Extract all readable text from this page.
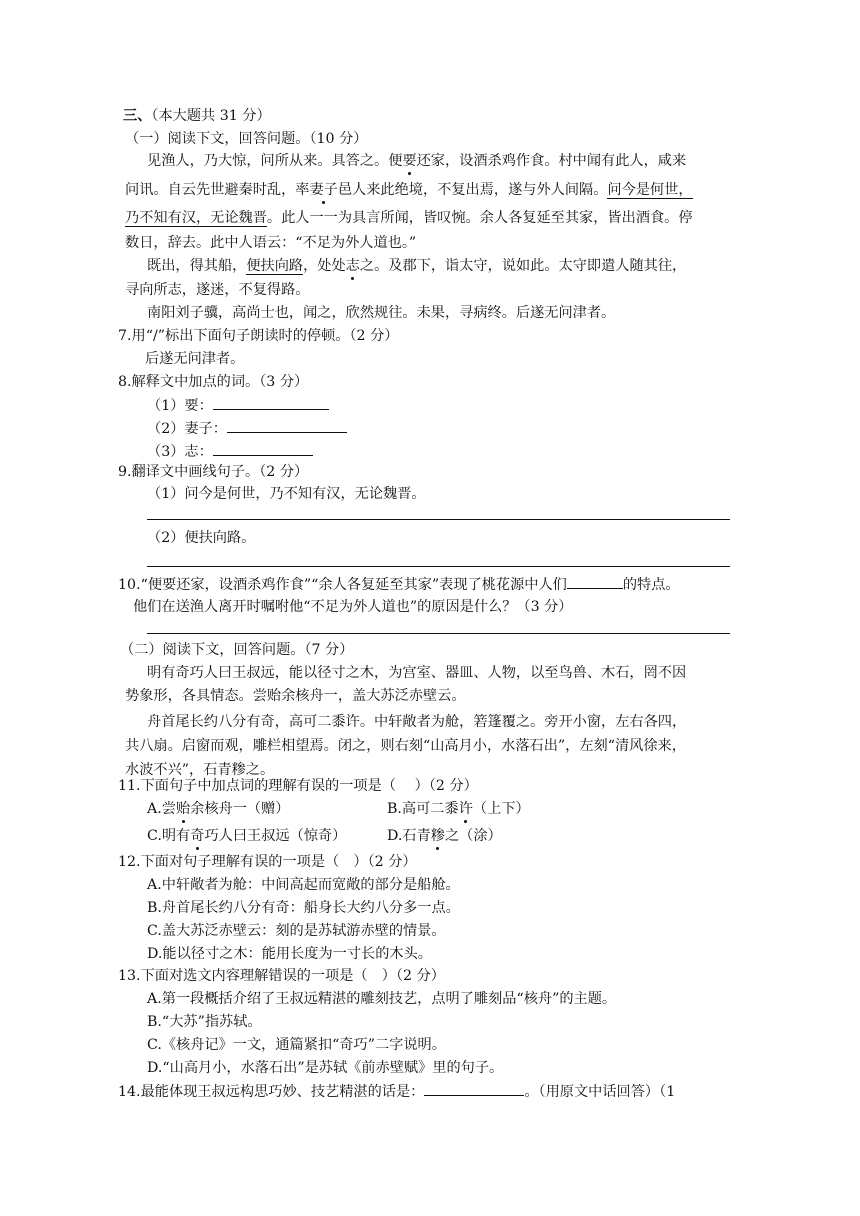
三、（本大题共 31 分）
（一）阅读下文，回答问题。（10 分）
见渔人，乃大惊，问所从来。具答之。便要还家，设酒杀鸡作食。村中闻有此人，咸来
问讯。自云先世避秦时乱，率妻子邑人来此绝境，不复出焉，遂与外人间隔。问今是何世，
乃不知有汉，无论魏晋。此人一一为具言所闻，皆叹惋。余人各复延至其家，皆出酒食。停
数日，辞去。此中人语云：“不足为外人道也。”
既出，得其船，便扶向路，处处志之。及郡下，诣太守，说如此。太守即遣人随其往，
寻向所志，遂迷，不复得路。
南阳刘子骥，高尚士也，闻之，欣然规往。未果，寻病终。后遂无问津者。
7.用“/”标出下面句子朗读时的停顿。（2 分）
后遂无问津者。
8.解释文中加点的词。（3 分）
（1）要：
（2）妻子：
（3）志：
9.翻译文中画线句子。（2 分）
（1）问今是何世，乃不知有汉，无论魏晋。
（2）便扶向路。
10.“便要还家，设酒杀鸡作食”“余人各复延至其家”表现了桃花源中人们	的特点。
他们在送渔人离开时嘱咐他“不足为外人道也”的原因是什么？（3 分）
（二）阅读下文，回答问题。（7 分）
明有奇巧人曰王叔远，能以径寸之木，为宫室、器皿、人物，以至鸟兽、木石，罔不因
势象形，各具情态。尝贻余核舟一，盖大苏泛赤壁云。
舟首尾长约八分有奇，高可二黍许。中轩敞者为舱，箬篷覆之。旁开小窗，左右各四，
共八扇。启窗而观，雕栏相望焉。闭之，则右刻“山高月小，水落石出”，左刻“清风徐来，
水波不兴”，石青糁之。
11.下面句子中加点词的理解有误的一项是（　 ）（2 分）
A.尝贻余核舟一（赠）	B.高可二黍许（上下）
C.明有奇巧人曰王叔远（惊奇）	D.石青糁之（涂）
12.下面对句子理解有误的一项是（　）（2 分）
A.中轩敞者为舱：中间高起而宽敞的部分是船舱。
B.舟首尾长约八分有奇：船身长大约八分多一点。
C.盖大苏泛赤壁云：刻的是苏轼游赤壁的情景。
D.能以径寸之木：能用长度为一寸长的木头。
13.下面对选文内容理解错误的一项是（　）（2 分）
A.第一段概括介绍了王叔远精湛的雕刻技艺，点明了雕刻品“核舟”的主题。
B.“大苏”指苏轼。
C.《核舟记》一文，通篇紧扣“奇巧”二字说明。
D.“山高月小，水落石出”是苏轼《前赤壁赋》里的句子。
14.最能体现王叔远构思巧妙、技艺精湛的话是：	。（用原文中话回答）（1
